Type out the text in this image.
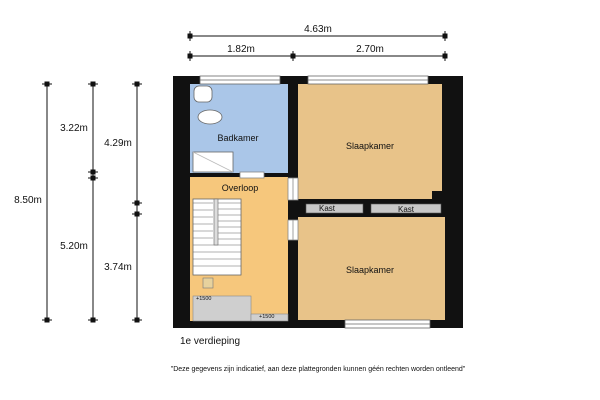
4.63m
1.82m	2.70m
8.50m
3.22m
5.20m
4.29m
3.74m
Badkamer
Overloop
Slaapkamer
Slaapkamer
Kast	Kast
+1500
+1500
1e verdieping
"Deze gegevens zijn indicatief, aan deze plattegronden kunnen géén rechten worden ontleend"
